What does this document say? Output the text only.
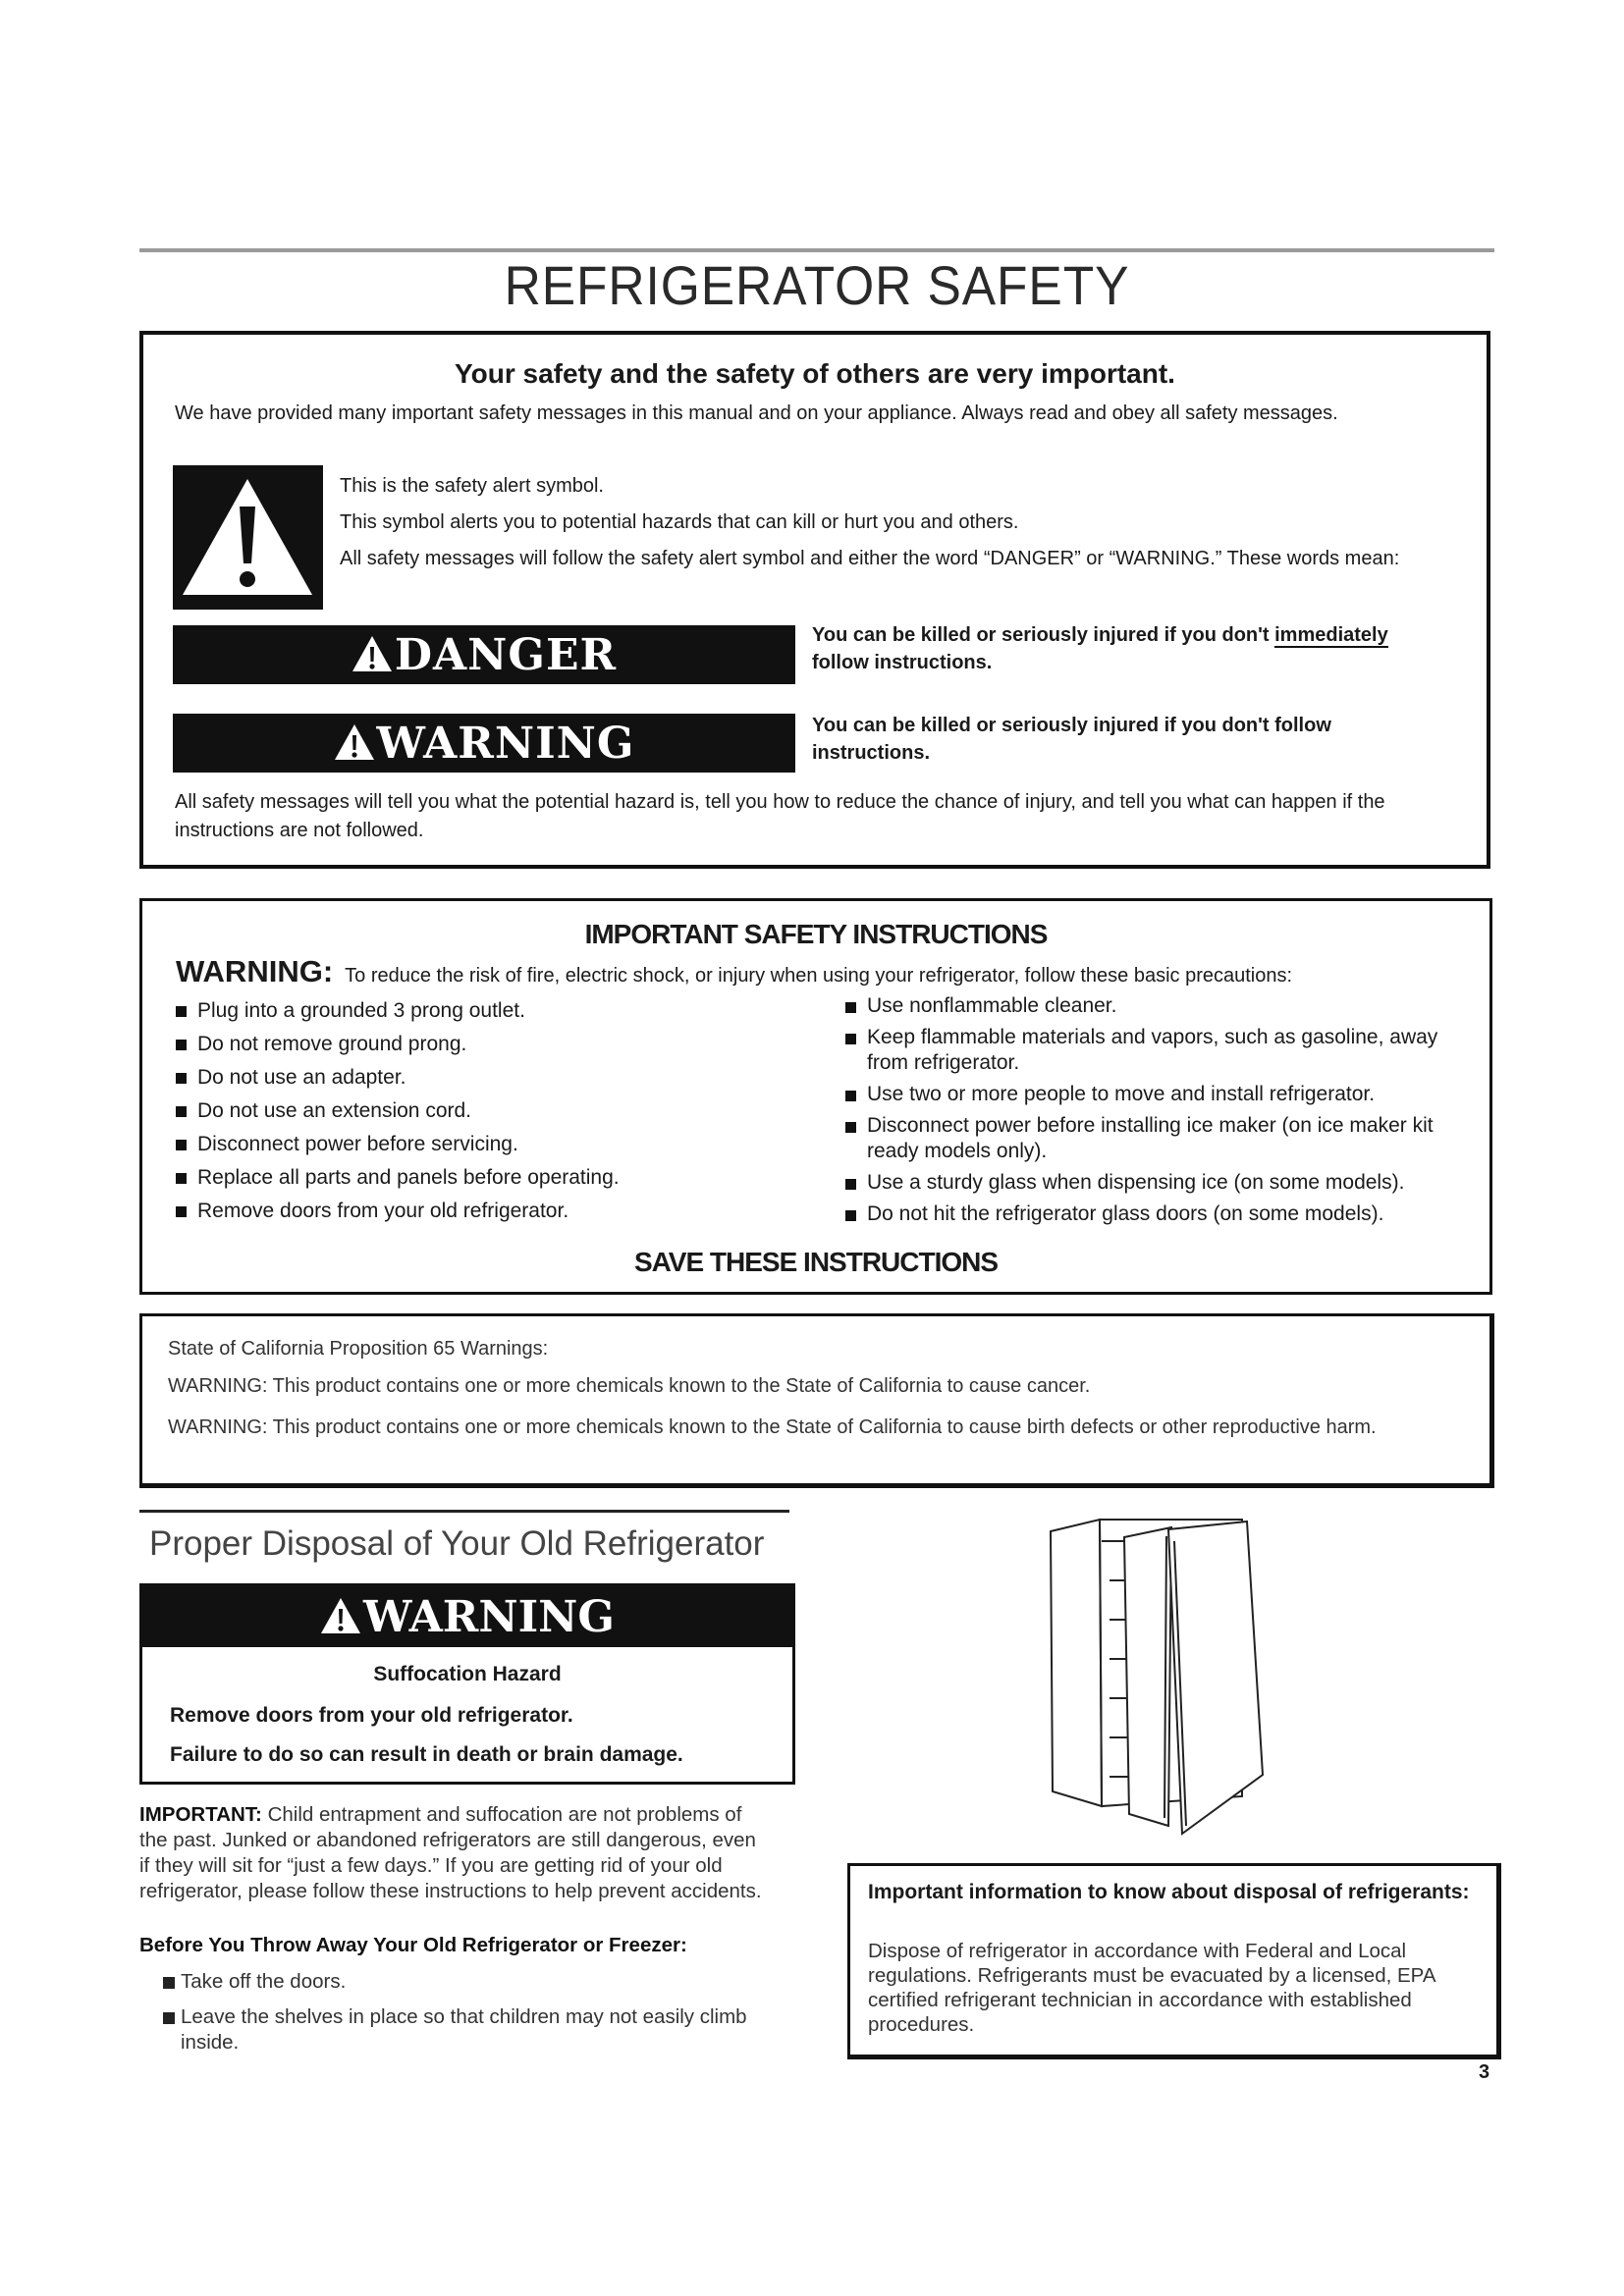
REFRIGERATOR SAFETY
Your safety and the safety of others are very important.
We have provided many important safety messages in this manual and on your appliance. Always read and obey all safety messages.

This is the safety alert symbol.

This symbol alerts you to potential hazards that can kill or hurt you and others.

All safety messages will follow the safety alert symbol and either the word “DANGER” or “WARNING.” These words mean:

DANGER	You can be killed or seriously injured if you don't immediately
follow instructions.
WARNING	You can be killed or seriously injured if you don't follow instructions.
All safety messages will tell you what the potential hazard is, tell you how to reduce the chance of injury, and tell you what can happen if the instructions are not followed.
IMPORTANT SAFETY INSTRUCTIONS
WARNING: To reduce the risk of fire, electric shock, or injury when using your refrigerator, follow these basic precautions:
Plug into a grounded 3 prong outlet.
Do not remove ground prong.
Do not use an adapter.
Do not use an extension cord.
Disconnect power before servicing.
Replace all parts and panels before operating.
Remove doors from your old refrigerator.
Use nonflammable cleaner.
Keep flammable materials and vapors, such as gasoline, away from refrigerator.
Use two or more people to move and install refrigerator.
Disconnect power before installing ice maker (on ice maker kit ready models only).
Use a sturdy glass when dispensing ice (on some models).
Do not hit the refrigerator glass doors (on some models).
SAVE THESE INSTRUCTIONS

State of California Proposition 65 Warnings:

WARNING: This product contains one or more chemicals known to the State of California to cause cancer.

WARNING: This product contains one or more chemicals known to the State of California to cause birth defects or other reproductive harm.

Proper Disposal of Your Old Refrigerator
WARNING
Suffocation Hazard
Remove doors from your old refrigerator.
Failure to do so can result in death or brain damage.
IMPORTANT: Child entrapment and suffocation are not problems of the past. Junked or abandoned refrigerators are still dangerous, even if they will sit for “just a few days.” If you are getting rid of your old refrigerator, please follow these instructions to help prevent accidents.
Before You Throw Away Your Old Refrigerator or Freezer:
Take off the doors.
Leave the shelves in place so that children may not easily climb inside.
Important information to know about disposal of refrigerants:
Dispose of refrigerator in accordance with Federal and Local regulations. Refrigerants must be evacuated by a licensed, EPA certified refrigerant technician in accordance with established procedures.
3
